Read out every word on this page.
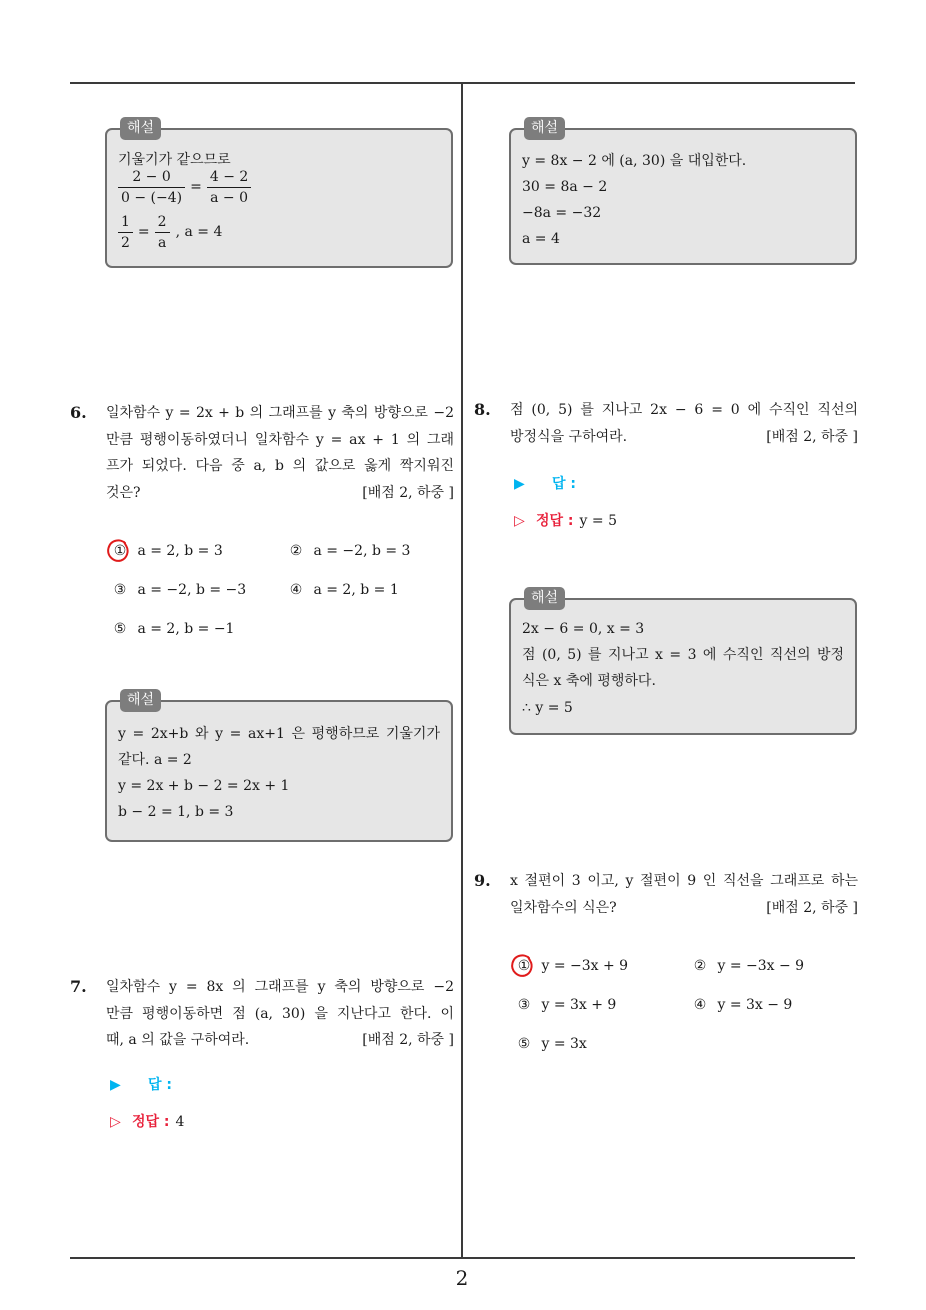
2
해설
기울기가 같으므로
$\frac{2 - 0}{0 - (-4)} = \frac{4 - 2}{a - 0}$
$\frac{1}{2} = \frac{2}{a}$ , a = 4
6. 일차함수 y = 2x + b 의 그래프를 y 축의 방향으로 −2
만큼 평행이동하였더니 일차함수 y = ax + 1 의 그래
프가 되었다. 다음 중 a, b 의 값으로 옳게 짝지워진
것은?	[배점 2, 하중 ]
① a = 2, b = 3	② a = −2, b = 3
③ a = −2, b = −3	④ a = 2, b = 1
⑤ a = 2, b = −1
해설
y = 2x+b 와 y = ax+1 은 평행하므로 기울기가
같다. a = 2
y = 2x + b − 2 = 2x + 1
b − 2 = 1, b = 3
7. 일차함수 y = 8x 의 그래프를 y 축의 방향으로 −2
만큼 평행이동하면 점 (a, 30) 을 지난다고 한다. 이
때, a 의 값을 구하여라.	[배점 2, 하중 ]
▶ 답 :
▷ 정답 : 4
해설
y = 8x − 2 에 (a, 30) 을 대입한다.
30 = 8a − 2
−8a = −32
a = 4
8. 점 (0, 5) 를 지나고 2x − 6 = 0 에 수직인 직선의
방정식을 구하여라.	[배점 2, 하중 ]
▶ 답 :
▷ 정답 : y = 5
해설
2x − 6 = 0, x = 3
점 (0, 5) 를 지나고 x = 3 에 수직인 직선의 방정
식은 x 축에 평행하다.
∴ y = 5
9. x 절편이 3 이고, y 절편이 9 인 직선을 그래프로 하는
일차함수의 식은?	[배점 2, 하중 ]
① y = −3x + 9	② y = −3x − 9
③ y = 3x + 9	④ y = 3x − 9
⑤ y = 3x
